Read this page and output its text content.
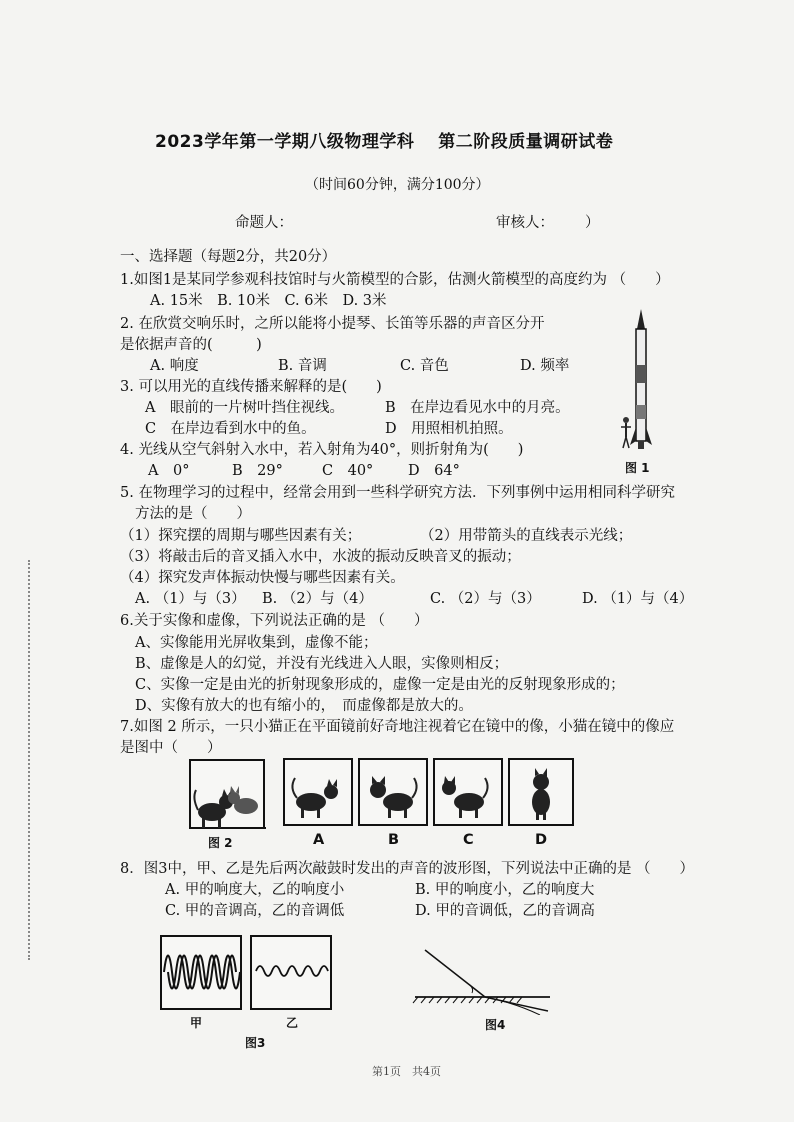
2023学年第一学期八级物理学科　 第二阶段质量调研试卷
（时间60分钟，满分100分）
命题人：	审核人： ）
一、选择题（每题2分，共20分）
1.如图1是某同学参观科技馆时与火箭模型的合影，估测火箭模型的高度约为 （　　）
A. 15米　B. 10米　C. 6米　D. 3米
2. 在欣赏交响乐时，之所以能将小提琴、长笛等乐器的声音区分开
是依据声音的(　　　)
A. 响度	B. 音调	C. 音色	D. 频率
3. 可以用光的直线传播来解释的是(　　)
A　眼前的一片树叶挡住视线。	B　在岸边看见水中的月亮。
C　在岸边看到水中的鱼。	D　用照相机拍照。
4. 光线从空气斜射入水中，若入射角为40°，则折射角为(　　)
A　0°	B　29°	C　40° D　64°	图 1
5. 在物理学习的过程中，经常会用到一些科学研究方法．下列事例中运用相同科学研究
方法的是（　　）
（1）探究摆的周期与哪些因素有关；	（2）用带箭头的直线表示光线；
（3）将敲击后的音叉插入水中，水波的振动反映音叉的振动；
（4）探究发声体振动快慢与哪些因素有关。
A. （1）与（3） B. （2）与（4）	C. （2）与（3）	D. （1）与（4）
6.关于实像和虚像，下列说法正确的是 （　　）
A、实像能用光屏收集到，虚像不能；
B、虚像是人的幻觉，并没有光线进入人眼，实像则相反；
C、实像一定是由光的折射现象形成的，虚像一定是由光的反射现象形成的；
D、实像有放大的也有缩小的，　而虚像都是放大的。
7.如图 2 所示，一只小猫正在平面镜前好奇地注视着它在镜中的像，小猫在镜中的像应
是图中（　　）
图 2	A	B	C	D
8．图3中，甲、乙是先后两次敲鼓时发出的声音的波形图，下列说法中正确的是 （　　）
A. 甲的响度大，乙的响度小	B. 甲的响度小，乙的响度大
C. 甲的音调高，乙的音调低	D. 甲的音调低，乙的音调高
甲	乙
图3
图4
第1页　共4页
